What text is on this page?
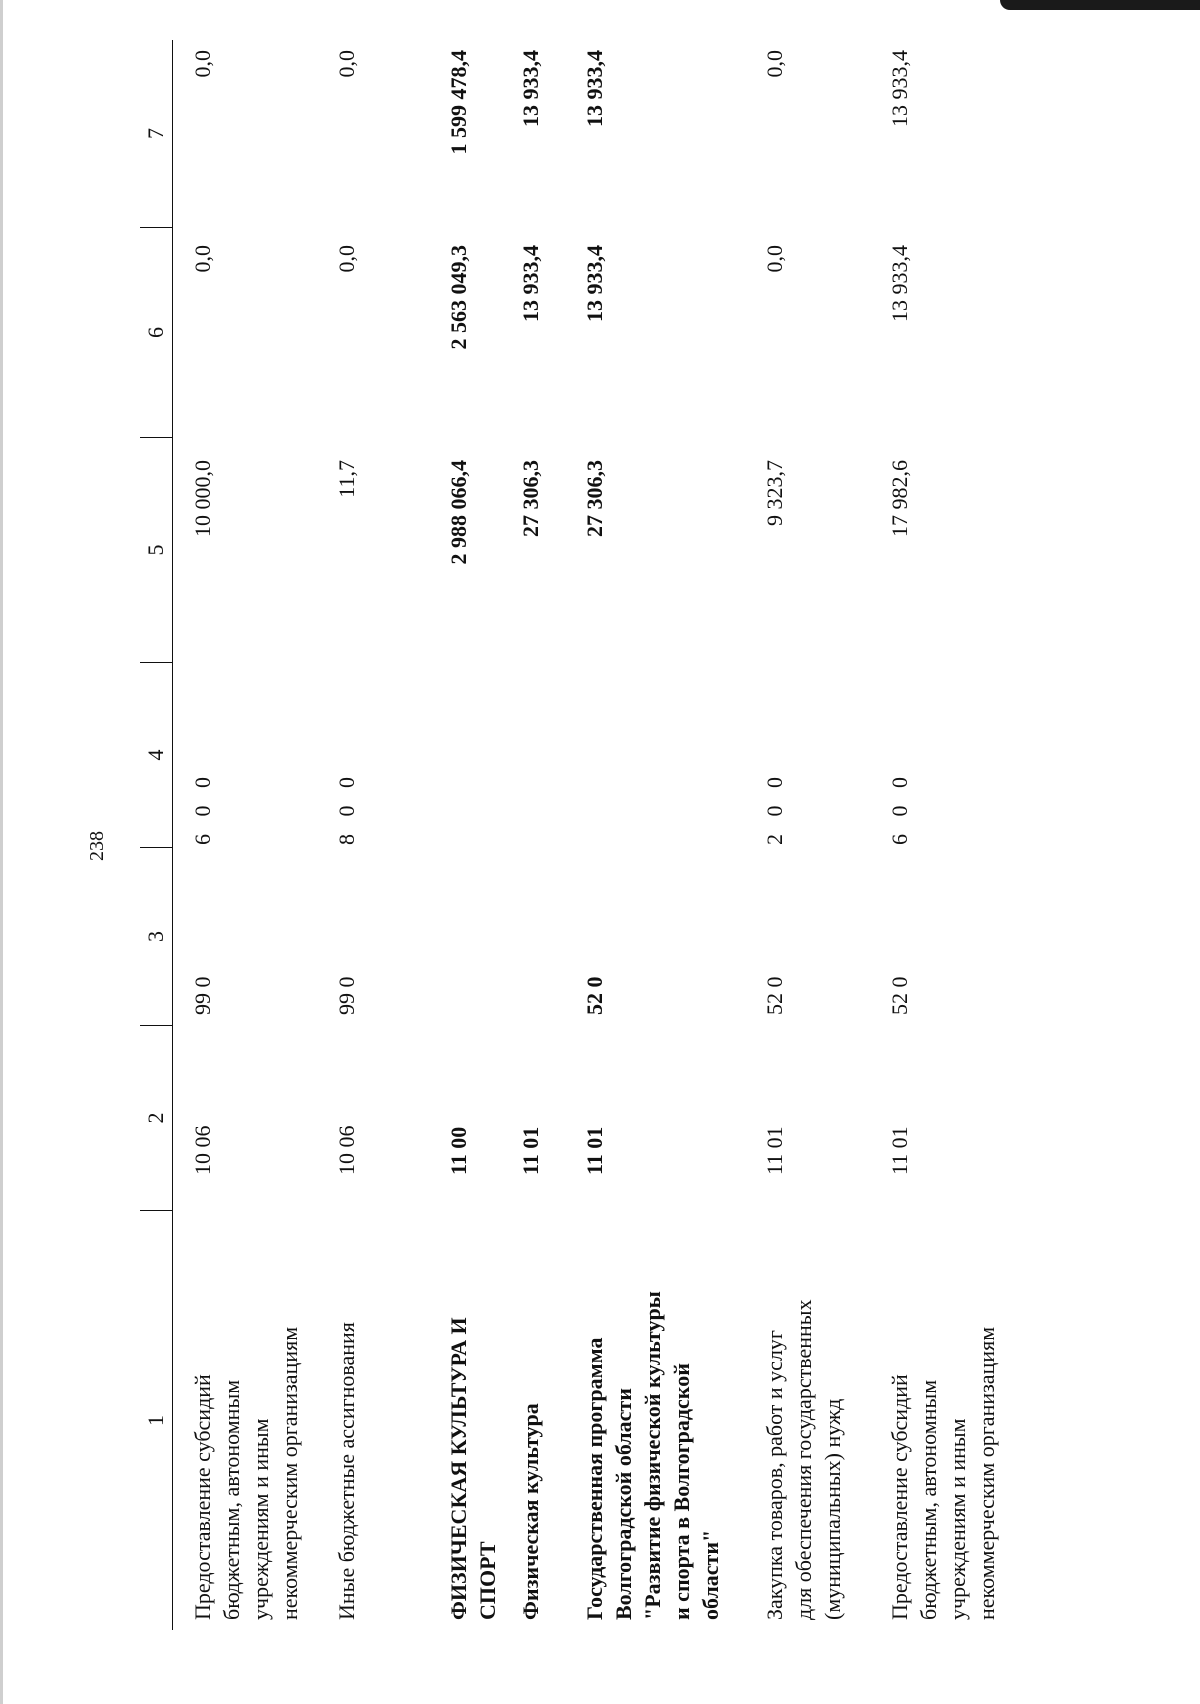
238
1
2
3
4
5
6
7
Предоставление субсидий
бюджетным, автономным
учреждениям и иным
некоммерческим организациям
10 06
99 0
6 0 0
10 000,0
0,0
0,0
Иные бюджетные ассигнования
10 06
99 0
8 0 0
11,7
0,0
0,0
ФИЗИЧЕСКАЯ КУЛЬТУРА И СПОРТ
11 00
2 988 066,4
2 563 049,3
1 599 478,4
Физическая культура
11 01
27 306,3
13 933,4
13 933,4
Государственная программа
Волгоградской области
"Развитие физической культуры
и спорта в Волгоградской
области"
11 01
52 0
27 306,3
13 933,4
13 933,4
Закупка товаров, работ и услуг
для обеспечения государственных
(муниципальных) нужд
11 01
52 0
2 0 0
9 323,7
0,0
0,0
Предоставление субсидий
бюджетным, автономным
учреждениям и иным
некоммерческим организациям
11 01
52 0
6 0 0
17 982,6
13 933,4
13 933,4
